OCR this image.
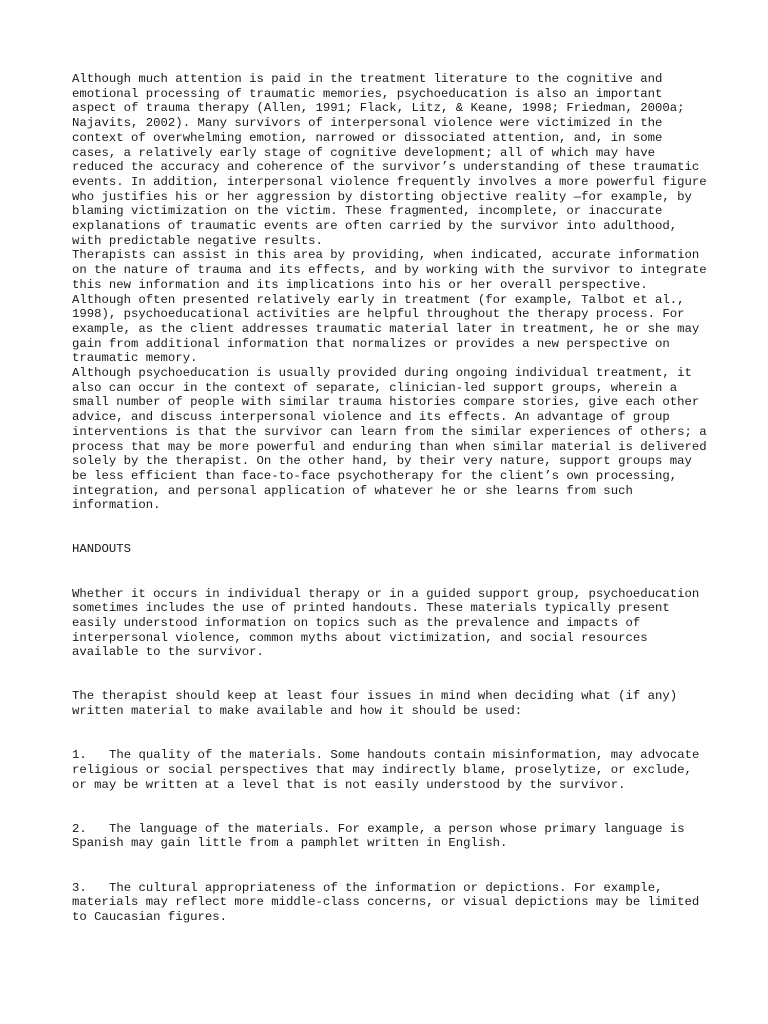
Although much attention is paid in the treatment literature to the cognitive and emotional processing of traumatic memories, psychoeducation is also an important aspect of trauma therapy (Allen, 1991; Flack, Litz, & Keane, 1998; Friedman, 2000a; Najavits, 2002). Many survivors of interpersonal violence were victimized in the context of overwhelming emotion, narrowed or dissociated attention, and, in some cases, a relatively early stage of cognitive development; all of which may have reduced the accuracy and coherence of the survivor’s understanding of these traumatic events. In addition, interpersonal violence frequently involves a more powerful figure who justifies his or her aggression by distorting objective reality —for example, by blaming victimization on the victim. These fragmented, incomplete, or inaccurate explanations of traumatic events are often carried by the survivor into adulthood, with predictable negative results.

Therapists can assist in this area by providing, when indicated, accurate information on the nature of trauma and its effects, and by working with the survivor to integrate this new information and its implications into his or her overall perspective. Although often presented relatively early in treatment (for example, Talbot et al., 1998), psychoeducational activities are helpful throughout the therapy process. For example, as the client addresses traumatic material later in treatment, he or she may gain from additional information that normalizes or provides a new perspective on traumatic memory.

Although psychoeducation is usually provided during ongoing individual treatment, it also can occur in the context of separate, clinician-led support groups, wherein a small number of people with similar trauma histories compare stories, give each other advice, and discuss interpersonal violence and its effects. An advantage of group interventions is that the survivor can learn from the similar experiences of others; a process that may be more powerful and enduring than when similar material is delivered solely by the therapist. On the other hand, by their very nature, support groups may be less efficient than face-to-face psychotherapy for the client’s own processing, integration, and personal application of whatever he or she learns from such information.

HANDOUTS

Whether it occurs in individual therapy or in a guided support group, psychoeducation sometimes includes the use of printed handouts. These materials typically present easily understood information on topics such as the prevalence and impacts of interpersonal violence, common myths about victimization, and social resources available to the survivor.

The therapist should keep at least four issues in mind when deciding what (if any) written material to make available and how it should be used:

1. The quality of the materials. Some handouts contain misinformation, may advocate religious or social perspectives that may indirectly blame, proselytize, or exclude, or may be written at a level that is not easily understood by the survivor.

2. The language of the materials. For example, a person whose primary language is Spanish may gain little from a pamphlet written in English.

3. The cultural appropriateness of the information or depictions. For example, materials may reflect more middle-class concerns, or visual depictions may be limited to Caucasian figures.
